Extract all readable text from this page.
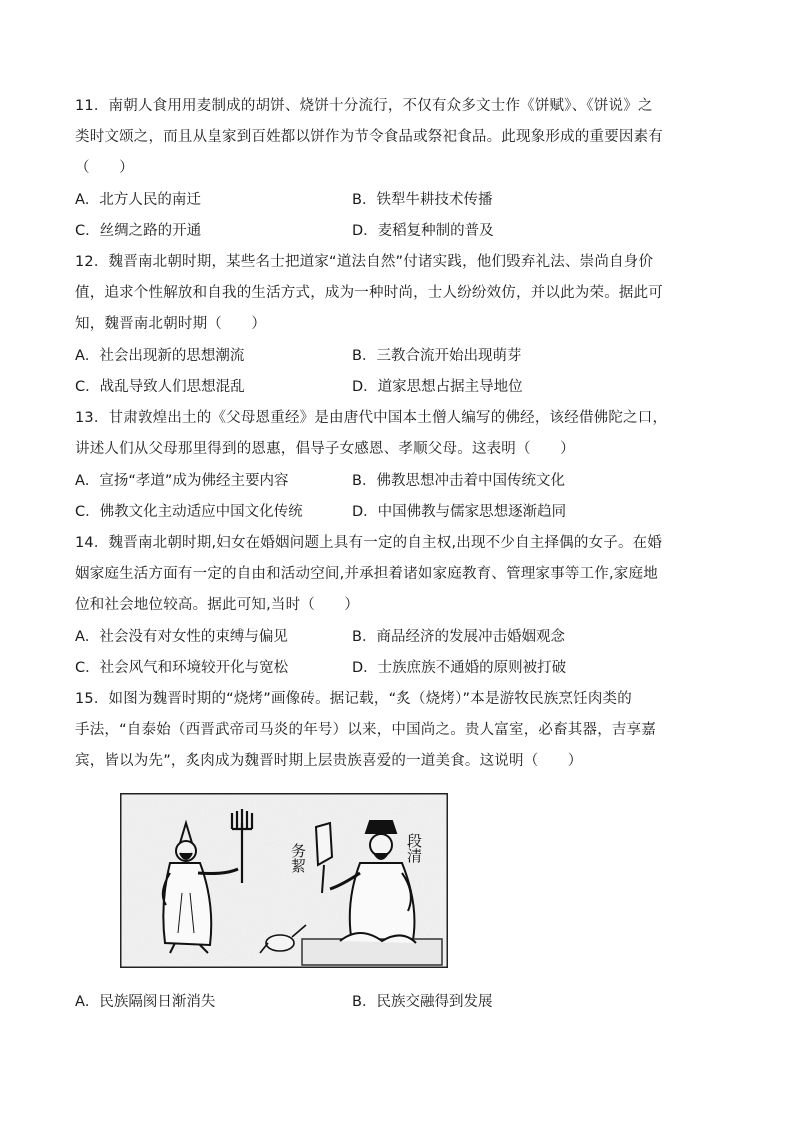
11．南朝人食用用麦制成的胡饼、烧饼十分流行，不仅有众多文士作《饼赋》、《饼说》之
类时文颂之，而且从皇家到百姓都以饼作为节令食品或祭祀食品。此现象形成的重要因素有
（　　）
A．北方人民的南迁	B．铁犁牛耕技术传播
C．丝绸之路的开通	D．麦稻复种制的普及
12．魏晋南北朝时期，某些名士把道家“道法自然”付诸实践，他们毁弃礼法、崇尚自身价
值，追求个性解放和自我的生活方式，成为一种时尚，士人纷纷效仿，并以此为荣。据此可
知，魏晋南北朝时期（　　）
A．社会出现新的思想潮流	B．三教合流开始出现萌芽
C．战乱导致人们思想混乱	D．道家思想占据主导地位
13．甘肃敦煌出土的《父母恩重经》是由唐代中国本土僧人编写的佛经，该经借佛陀之口，
讲述人们从父母那里得到的恩惠，倡导子女感恩、孝顺父母。这表明（　　）
A．宣扬“孝道”成为佛经主要内容	B．佛教思想冲击着中国传统文化
C．佛教文化主动适应中国文化传统	D．中国佛教与儒家思想逐渐趋同
14．魏晋南北朝时期,妇女在婚姻问题上具有一定的自主权,出现不少自主择偶的女子。在婚
姻家庭生活方面有一定的自由和活动空间,并承担着诸如家庭教育、管理家事等工作,家庭地
位和社会地位较高。据此可知,当时（　　）
A．社会没有对女性的束缚与偏见	B．商品经济的发展冲击婚姻观念
C．社会风气和环境较开化与宽松	D．士族庶族不通婚的原则被打破
15．如图为魏晋时期的“烧烤”画像砖。据记载，“炙（烧烤）”本是游牧民族烹饪肉类的
手法，“自泰始（西晋武帝司马炎的年号）以来，中国尚之。贵人富室，必畜其器，吉享嘉
宾，皆以为先”，炙肉成为魏晋时期上层贵族喜爱的一道美食。这说明（　　）
务絜	段清
A．民族隔阂日渐消失	B．民族交融得到发展
